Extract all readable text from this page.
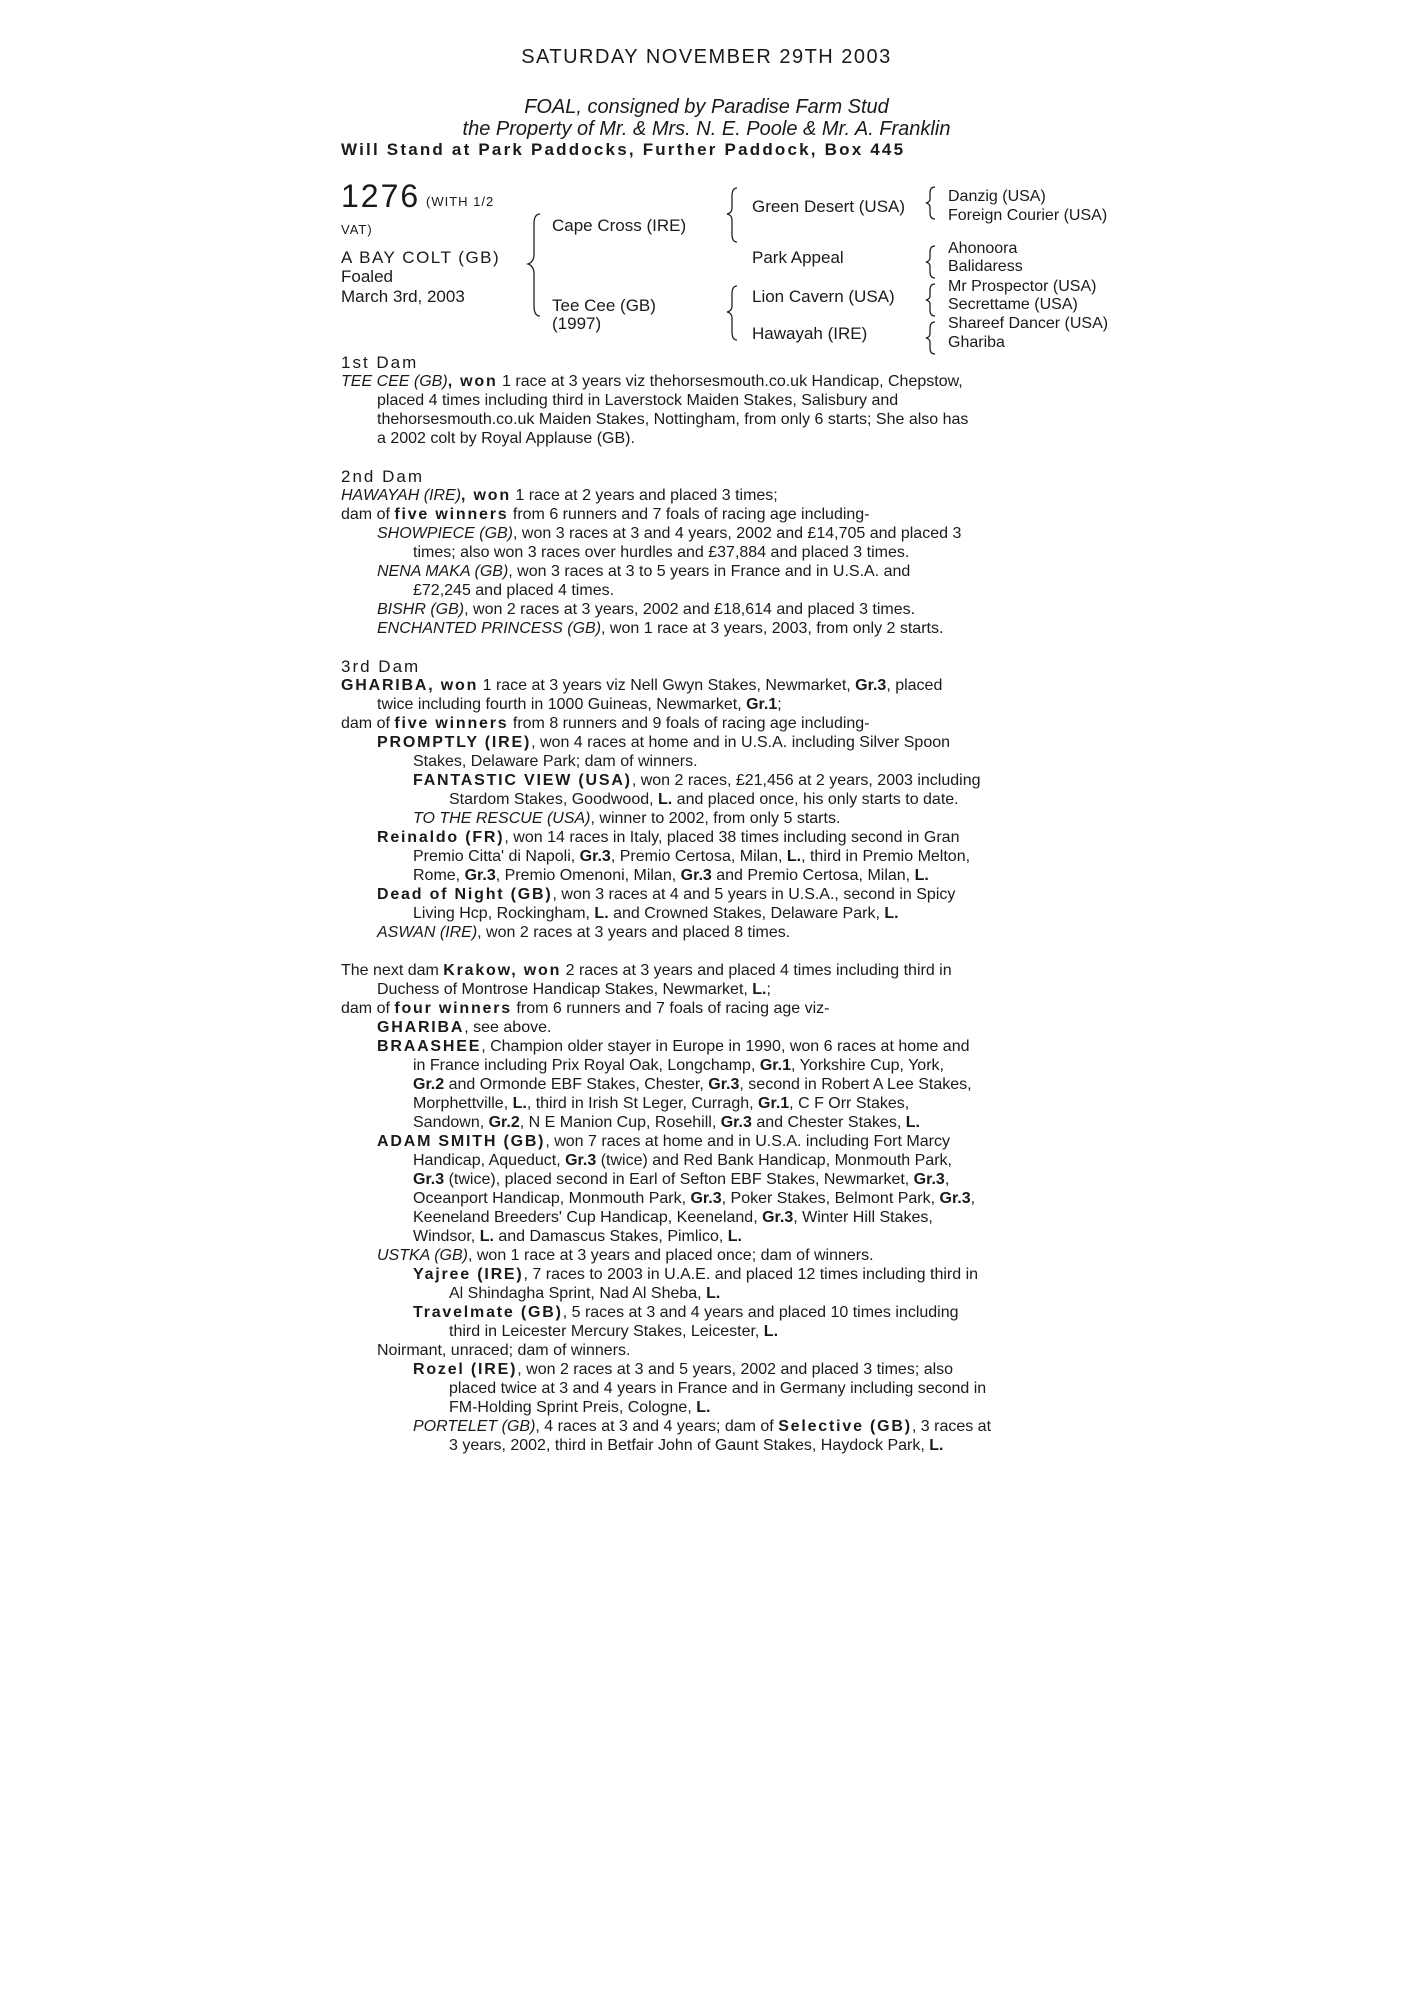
SATURDAY NOVEMBER 29TH 2003
FOAL, consigned by Paradise Farm Stud
the Property of Mr. & Mrs. N. E. Poole & Mr. A. Franklin
Will Stand at Park Paddocks, Further Paddock, Box 445
1276 (WITH 1/2
VAT)
A BAY COLT (GB)
Foaled
March 3rd, 2003
Cape Cross (IRE)
Tee Cee (GB)
(1997)
Green Desert (USA)
Park Appeal
Lion Cavern (USA)
Hawayah (IRE)
Danzig (USA)
Foreign Courier (USA)
Ahonoora
Balidaress
Mr Prospector (USA)
Secrettame (USA)
Shareef Dancer (USA)
Ghariba

1st Dam

TEE CEE (GB), won 1 race at 3 years viz thehorsesmouth.co.uk Handicap, Chepstow,

placed 4 times including third in Laverstock Maiden Stakes, Salisbury and

thehorsesmouth.co.uk Maiden Stakes, Nottingham, from only 6 starts; She also has

a 2002 colt by Royal Applause (GB).

2nd Dam

HAWAYAH (IRE), won 1 race at 2 years and placed 3 times;

dam of five winners from 6 runners and 7 foals of racing age including-

SHOWPIECE (GB), won 3 races at 3 and 4 years, 2002 and £14,705 and placed 3

times; also won 3 races over hurdles and £37,884 and placed 3 times.

NENA MAKA (GB), won 3 races at 3 to 5 years in France and in U.S.A. and

£72,245 and placed 4 times.

BISHR (GB), won 2 races at 3 years, 2002 and £18,614 and placed 3 times.

ENCHANTED PRINCESS (GB), won 1 race at 3 years, 2003, from only 2 starts.

3rd Dam

GHARIBA, won 1 race at 3 years viz Nell Gwyn Stakes, Newmarket, Gr.3, placed

twice including fourth in 1000 Guineas, Newmarket, Gr.1;

dam of five winners from 8 runners and 9 foals of racing age including-

PROMPTLY (IRE), won 4 races at home and in U.S.A. including Silver Spoon

Stakes, Delaware Park; dam of winners.

FANTASTIC VIEW (USA), won 2 races, £21,456 at 2 years, 2003 including

Stardom Stakes, Goodwood, L. and placed once, his only starts to date.

TO THE RESCUE (USA), winner to 2002, from only 5 starts.

Reinaldo (FR), won 14 races in Italy, placed 38 times including second in Gran

Premio Citta' di Napoli, Gr.3, Premio Certosa, Milan, L., third in Premio Melton,

Rome, Gr.3, Premio Omenoni, Milan, Gr.3 and Premio Certosa, Milan, L.

Dead of Night (GB), won 3 races at 4 and 5 years in U.S.A., second in Spicy

Living Hcp, Rockingham, L. and Crowned Stakes, Delaware Park, L.

ASWAN (IRE), won 2 races at 3 years and placed 8 times.

The next dam Krakow, won 2 races at 3 years and placed 4 times including third in

Duchess of Montrose Handicap Stakes, Newmarket, L.;

dam of four winners from 6 runners and 7 foals of racing age viz-

GHARIBA, see above.

BRAASHEE, Champion older stayer in Europe in 1990, won 6 races at home and

in France including Prix Royal Oak, Longchamp, Gr.1, Yorkshire Cup, York,

Gr.2 and Ormonde EBF Stakes, Chester, Gr.3, second in Robert A Lee Stakes,

Morphettville, L., third in Irish St Leger, Curragh, Gr.1, C F Orr Stakes,

Sandown, Gr.2, N E Manion Cup, Rosehill, Gr.3 and Chester Stakes, L.

ADAM SMITH (GB), won 7 races at home and in U.S.A. including Fort Marcy

Handicap, Aqueduct, Gr.3 (twice) and Red Bank Handicap, Monmouth Park,

Gr.3 (twice), placed second in Earl of Sefton EBF Stakes, Newmarket, Gr.3,

Oceanport Handicap, Monmouth Park, Gr.3, Poker Stakes, Belmont Park, Gr.3,

Keeneland Breeders' Cup Handicap, Keeneland, Gr.3, Winter Hill Stakes,

Windsor, L. and Damascus Stakes, Pimlico, L.

USTKA (GB), won 1 race at 3 years and placed once; dam of winners.

Yajree (IRE), 7 races to 2003 in U.A.E. and placed 12 times including third in

Al Shindagha Sprint, Nad Al Sheba, L.

Travelmate (GB), 5 races at 3 and 4 years and placed 10 times including

third in Leicester Mercury Stakes, Leicester, L.

Noirmant, unraced; dam of winners.

Rozel (IRE), won 2 races at 3 and 5 years, 2002 and placed 3 times; also

placed twice at 3 and 4 years in France and in Germany including second in

FM-Holding Sprint Preis, Cologne, L.

PORTELET (GB), 4 races at 3 and 4 years; dam of Selective (GB), 3 races at

3 years, 2002, third in Betfair John of Gaunt Stakes, Haydock Park, L.
